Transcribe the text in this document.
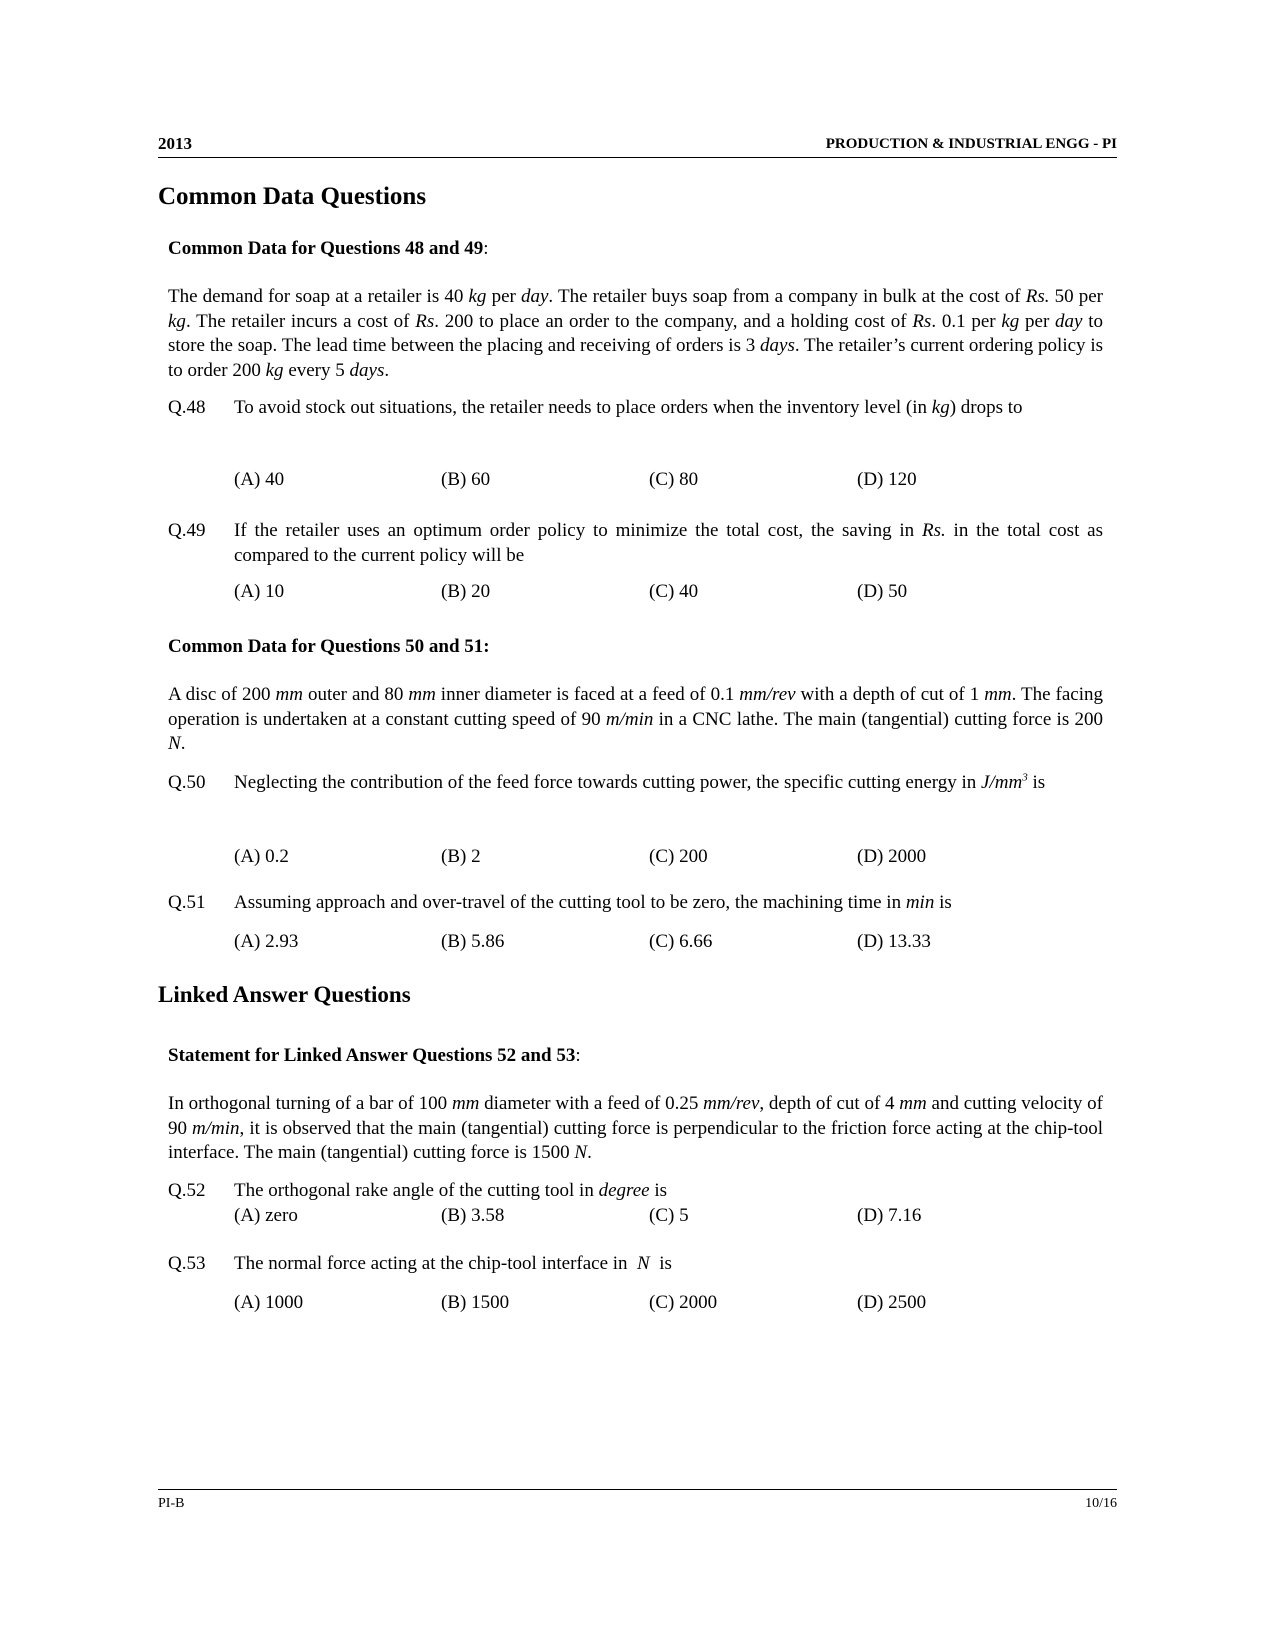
2013	PRODUCTION & INDUSTRIAL ENGG - PI
Common Data Questions
Common Data for Questions 48 and 49:
The demand for soap at a retailer is 40 kg per day. The retailer buys soap from a company in bulk at the cost of Rs. 50 per kg. The retailer incurs a cost of Rs. 200 to place an order to the company, and a holding cost of Rs. 0.1 per kg per day to store the soap. The lead time between the placing and receiving of orders is 3 days. The retailer’s current ordering policy is to order 200 kg every 5 days.
Q.48 To avoid stock out situations, the retailer needs to place orders when the inventory level (in kg) drops to
(A) 40	(B) 60	(C) 80	(D) 120
Q.49 If the retailer uses an optimum order policy to minimize the total cost, the saving in Rs. in the total cost as compared to the current policy will be
(A) 10	(B) 20	(C) 40	(D) 50
Common Data for Questions 50 and 51:
A disc of 200 mm outer and 80 mm inner diameter is faced at a feed of 0.1 mm/rev with a depth of cut of 1 mm. The facing operation is undertaken at a constant cutting speed of 90 m/min in a CNC lathe. The main (tangential) cutting force is 200 N.
Q.50 Neglecting the contribution of the feed force towards cutting power, the specific cutting energy in $J/mm^3$ is
(A) 0.2	(B) 2	(C) 200	(D) 2000
Q.51 Assuming approach and over-travel of the cutting tool to be zero, the machining time in min is
(A) 2.93	(B) 5.86	(C) 6.66	(D) 13.33
Linked Answer Questions
Statement for Linked Answer Questions 52 and 53:
In orthogonal turning of a bar of 100 mm diameter with a feed of 0.25 mm/rev, depth of cut of 4 mm and cutting velocity of 90 m/min, it is observed that the main (tangential) cutting force is perpendicular to the friction force acting at the chip-tool interface. The main (tangential) cutting force is 1500 N.
Q.52 The orthogonal rake angle of the cutting tool in degree is
(A) zero	(B) 3.58	(C) 5	(D) 7.16
Q.53 The normal force acting at the chip-tool interface in  N  is
(A) 1000	(B) 1500	(C) 2000	(D) 2500
PI-B	10/16
